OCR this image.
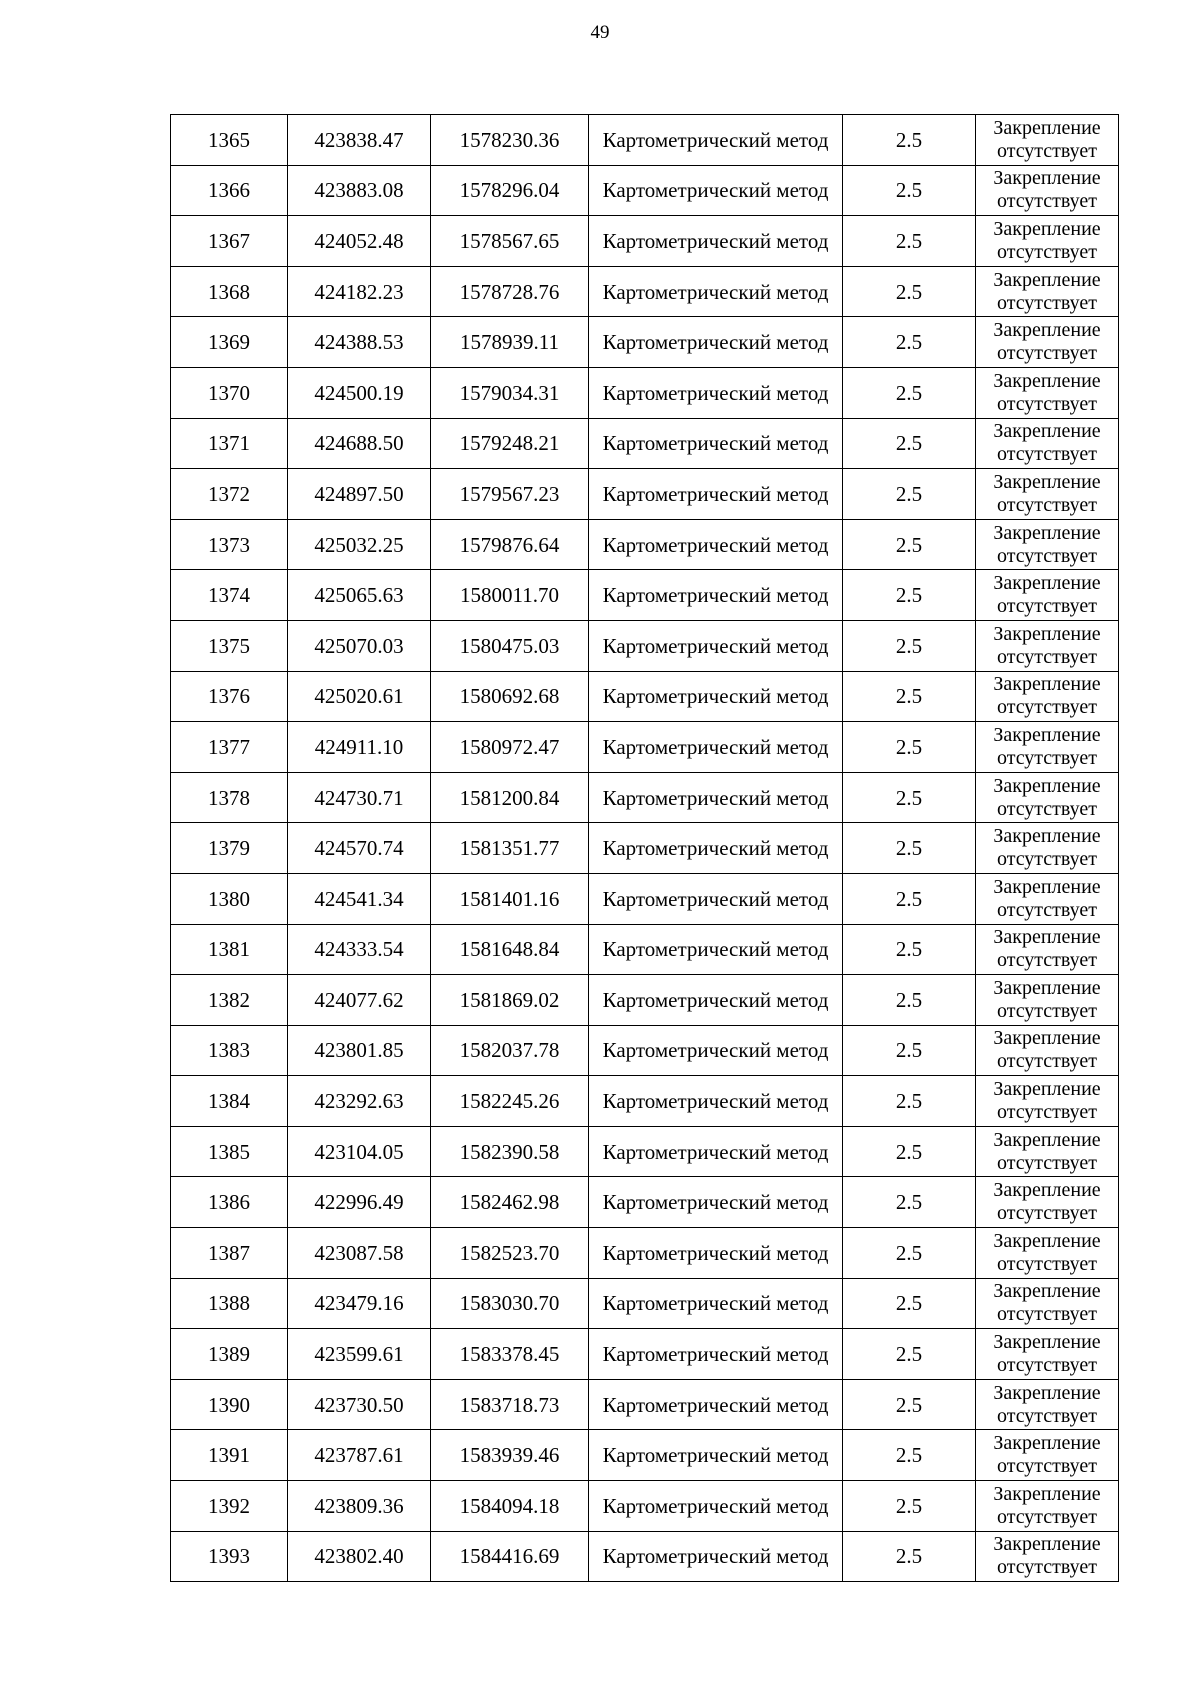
49
1365	423838.47	1578230.36	Картометрический метод	2.5	Закрепление
отсутствует

1366	423883.08	1578296.04	Картометрический метод	2.5	Закрепление
отсутствует

1367	424052.48	1578567.65	Картометрический метод	2.5	Закрепление
отсутствует

1368	424182.23	1578728.76	Картометрический метод	2.5	Закрепление
отсутствует

1369	424388.53	1578939.11	Картометрический метод	2.5	Закрепление
отсутствует

1370	424500.19	1579034.31	Картометрический метод	2.5	Закрепление
отсутствует

1371	424688.50	1579248.21	Картометрический метод	2.5	Закрепление
отсутствует

1372	424897.50	1579567.23	Картометрический метод	2.5	Закрепление
отсутствует

1373	425032.25	1579876.64	Картометрический метод	2.5	Закрепление
отсутствует

1374	425065.63	1580011.70	Картометрический метод	2.5	Закрепление
отсутствует

1375	425070.03	1580475.03	Картометрический метод	2.5	Закрепление
отсутствует

1376	425020.61	1580692.68	Картометрический метод	2.5	Закрепление
отсутствует

1377	424911.10	1580972.47	Картометрический метод	2.5	Закрепление
отсутствует

1378	424730.71	1581200.84	Картометрический метод	2.5	Закрепление
отсутствует

1379	424570.74	1581351.77	Картометрический метод	2.5	Закрепление
отсутствует

1380	424541.34	1581401.16	Картометрический метод	2.5	Закрепление
отсутствует

1381	424333.54	1581648.84	Картометрический метод	2.5	Закрепление
отсутствует

1382	424077.62	1581869.02	Картометрический метод	2.5	Закрепление
отсутствует

1383	423801.85	1582037.78	Картометрический метод	2.5	Закрепление
отсутствует

1384	423292.63	1582245.26	Картометрический метод	2.5	Закрепление
отсутствует

1385	423104.05	1582390.58	Картометрический метод	2.5	Закрепление
отсутствует

1386	422996.49	1582462.98	Картометрический метод	2.5	Закрепление
отсутствует

1387	423087.58	1582523.70	Картометрический метод	2.5	Закрепление
отсутствует

1388	423479.16	1583030.70	Картометрический метод	2.5	Закрепление
отсутствует

1389	423599.61	1583378.45	Картометрический метод	2.5	Закрепление
отсутствует

1390	423730.50	1583718.73	Картометрический метод	2.5	Закрепление
отсутствует

1391	423787.61	1583939.46	Картометрический метод	2.5	Закрепление
отсутствует

1392	423809.36	1584094.18	Картометрический метод	2.5	Закрепление
отсутствует

1393	423802.40	1584416.69	Картометрический метод	2.5	Закрепление
отсутствует
